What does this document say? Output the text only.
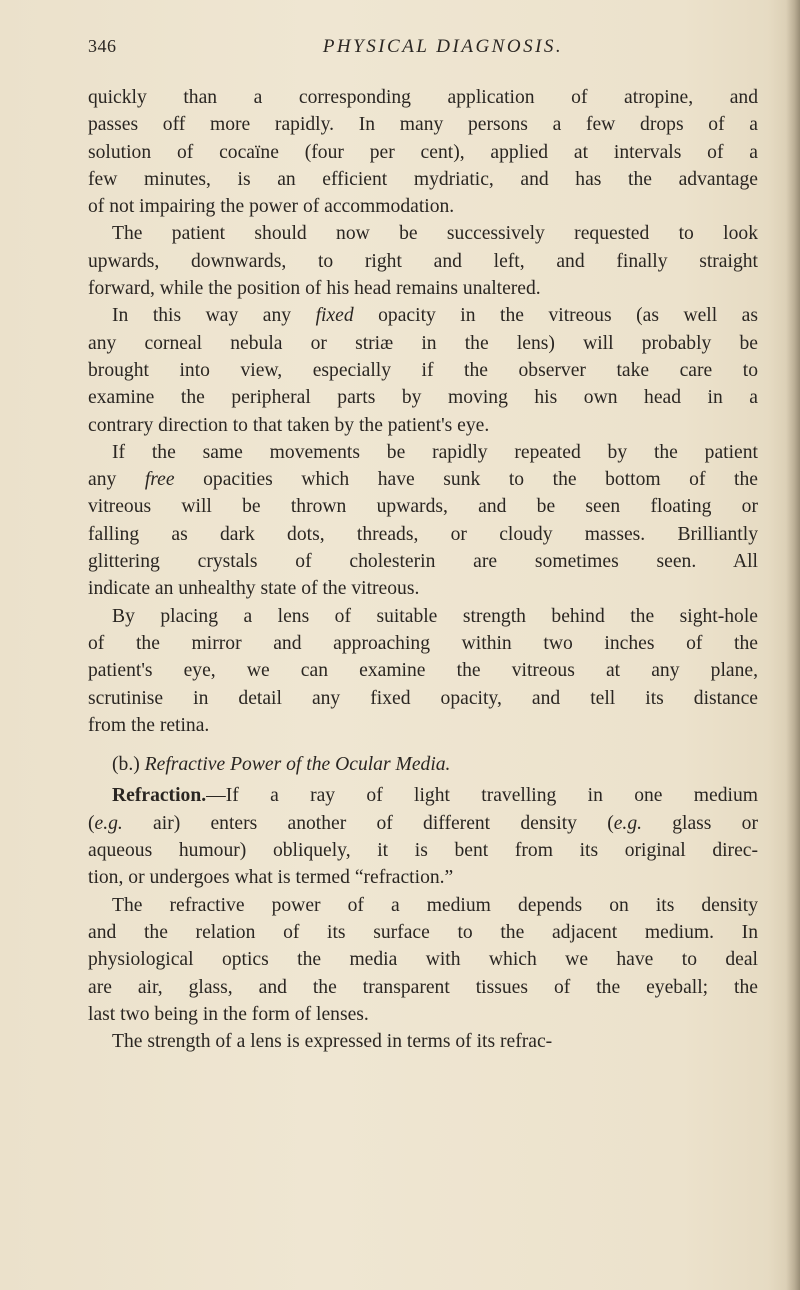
346	PHYSICAL DIAGNOSIS.
quickly than a corresponding application of atropine, and
passes off more rapidly. In many persons a few drops of a
solution of cocaïne (four per cent), applied at intervals of a
few minutes, is an efficient mydriatic, and has the advantage
of not impairing the power of accommodation.
The patient should now be successively requested to look
upwards, downwards, to right and left, and finally straight
forward, while the position of his head remains unaltered.
In this way any fixed opacity in the vitreous (as well as
any corneal nebula or striæ in the lens) will probably be
brought into view, especially if the observer take care to
examine the peripheral parts by moving his own head in a
contrary direction to that taken by the patient's eye.
If the same movements be rapidly repeated by the patient
any free opacities which have sunk to the bottom of the
vitreous will be thrown upwards, and be seen floating or
falling as dark dots, threads, or cloudy masses. Brilliantly
glittering crystals of cholesterin are sometimes seen. All
indicate an unhealthy state of the vitreous.
By placing a lens of suitable strength behind the sight-hole
of the mirror and approaching within two inches of the
patient's eye, we can examine the vitreous at any plane,
scrutinise in detail any fixed opacity, and tell its distance
from the retina.
(b.) Refractive Power of the Ocular Media.
Refraction.—If a ray of light travelling in one medium
(e.g. air) enters another of different density (e.g. glass or
aqueous humour) obliquely, it is bent from its original direc-
tion, or undergoes what is termed “refraction.”
The refractive power of a medium depends on its density
and the relation of its surface to the adjacent medium. In
physiological optics the media with which we have to deal
are air, glass, and the transparent tissues of the eyeball; the
last two being in the form of lenses.
The strength of a lens is expressed in terms of its refrac-
